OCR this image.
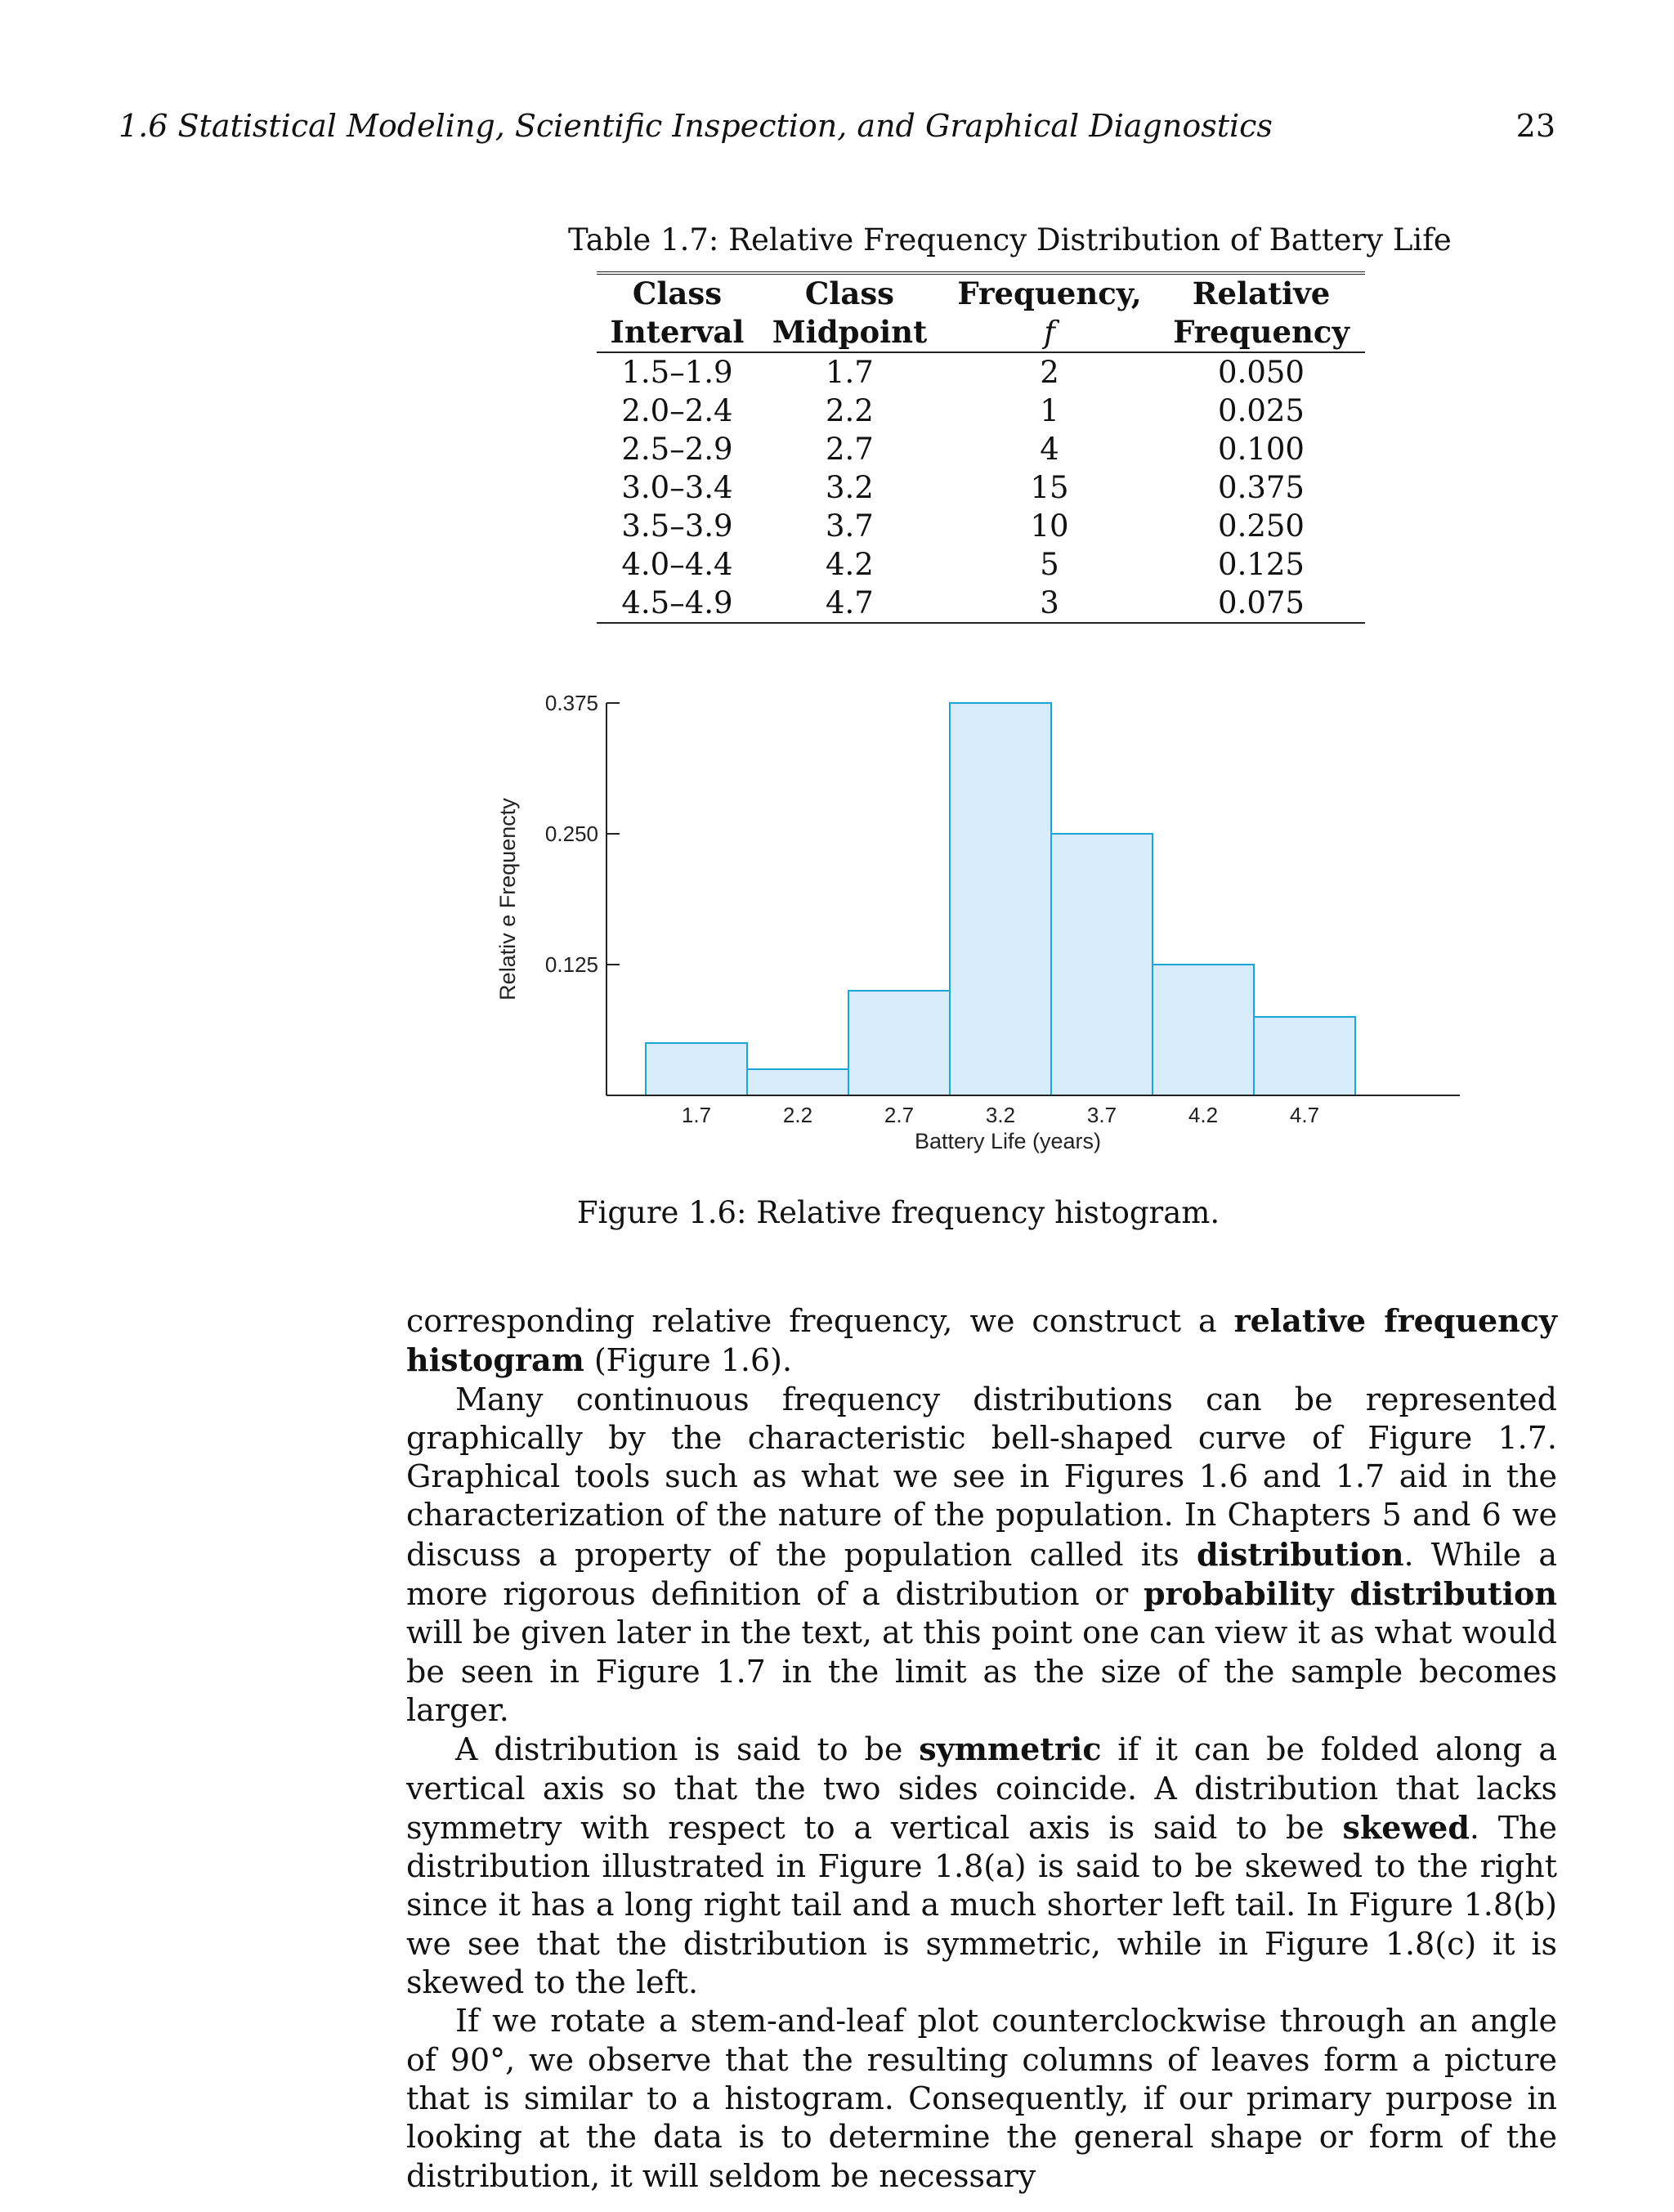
1.6 Statistical Modeling, Scientific Inspection, and Graphical Diagnostics	23
Table 1.7: Relative Frequency Distribution of Battery Life
Class	Class	Frequency,	Relative
Interval	Midpoint	f	Frequency
1.5–1.9	1.7	2	0.050
2.0–2.4	2.2	1	0.025
2.5–2.9	2.7	4	0.100
3.0–3.4	3.2	15	0.375
3.5–3.9	3.7	10	0.250
4.0–4.4	4.2	5	0.125
4.5–4.9	4.7	3	0.075
0.125
0.250
0.375
1.7	2.2	2.7	3.2	3.7	4.2	4.7
Relativ e Frequencty
Battery Life (years)
Figure 1.6: Relative frequency histogram.

corresponding relative frequency, we construct a relative frequency histogram (Figure 1.6).

Many continuous frequency distributions can be represented graphically by the characteristic bell-shaped curve of Figure 1.7. Graphical tools such as what we see in Figures 1.6 and 1.7 aid in the characterization of the nature of the population. In Chapters 5 and 6 we discuss a property of the population called its distribution. While a more rigorous definition of a distribution or probability distribution will be given later in the text, at this point one can view it as what would be seen in Figure 1.7 in the limit as the size of the sample becomes larger.

A distribution is said to be symmetric if it can be folded along a vertical axis so that the two sides coincide. A distribution that lacks symmetry with respect to a vertical axis is said to be skewed. The distribution illustrated in Figure 1.8(a) is said to be skewed to the right since it has a long right tail and a much shorter left tail. In Figure 1.8(b) we see that the distribution is symmetric, while in Figure 1.8(c) it is skewed to the left.

If we rotate a stem-and-leaf plot counterclockwise through an angle of 90°, we observe that the resulting columns of leaves form a picture that is similar to a histogram. Consequently, if our primary purpose in looking at the data is to determine the general shape or form of the distribution, it will seldom be necessary
